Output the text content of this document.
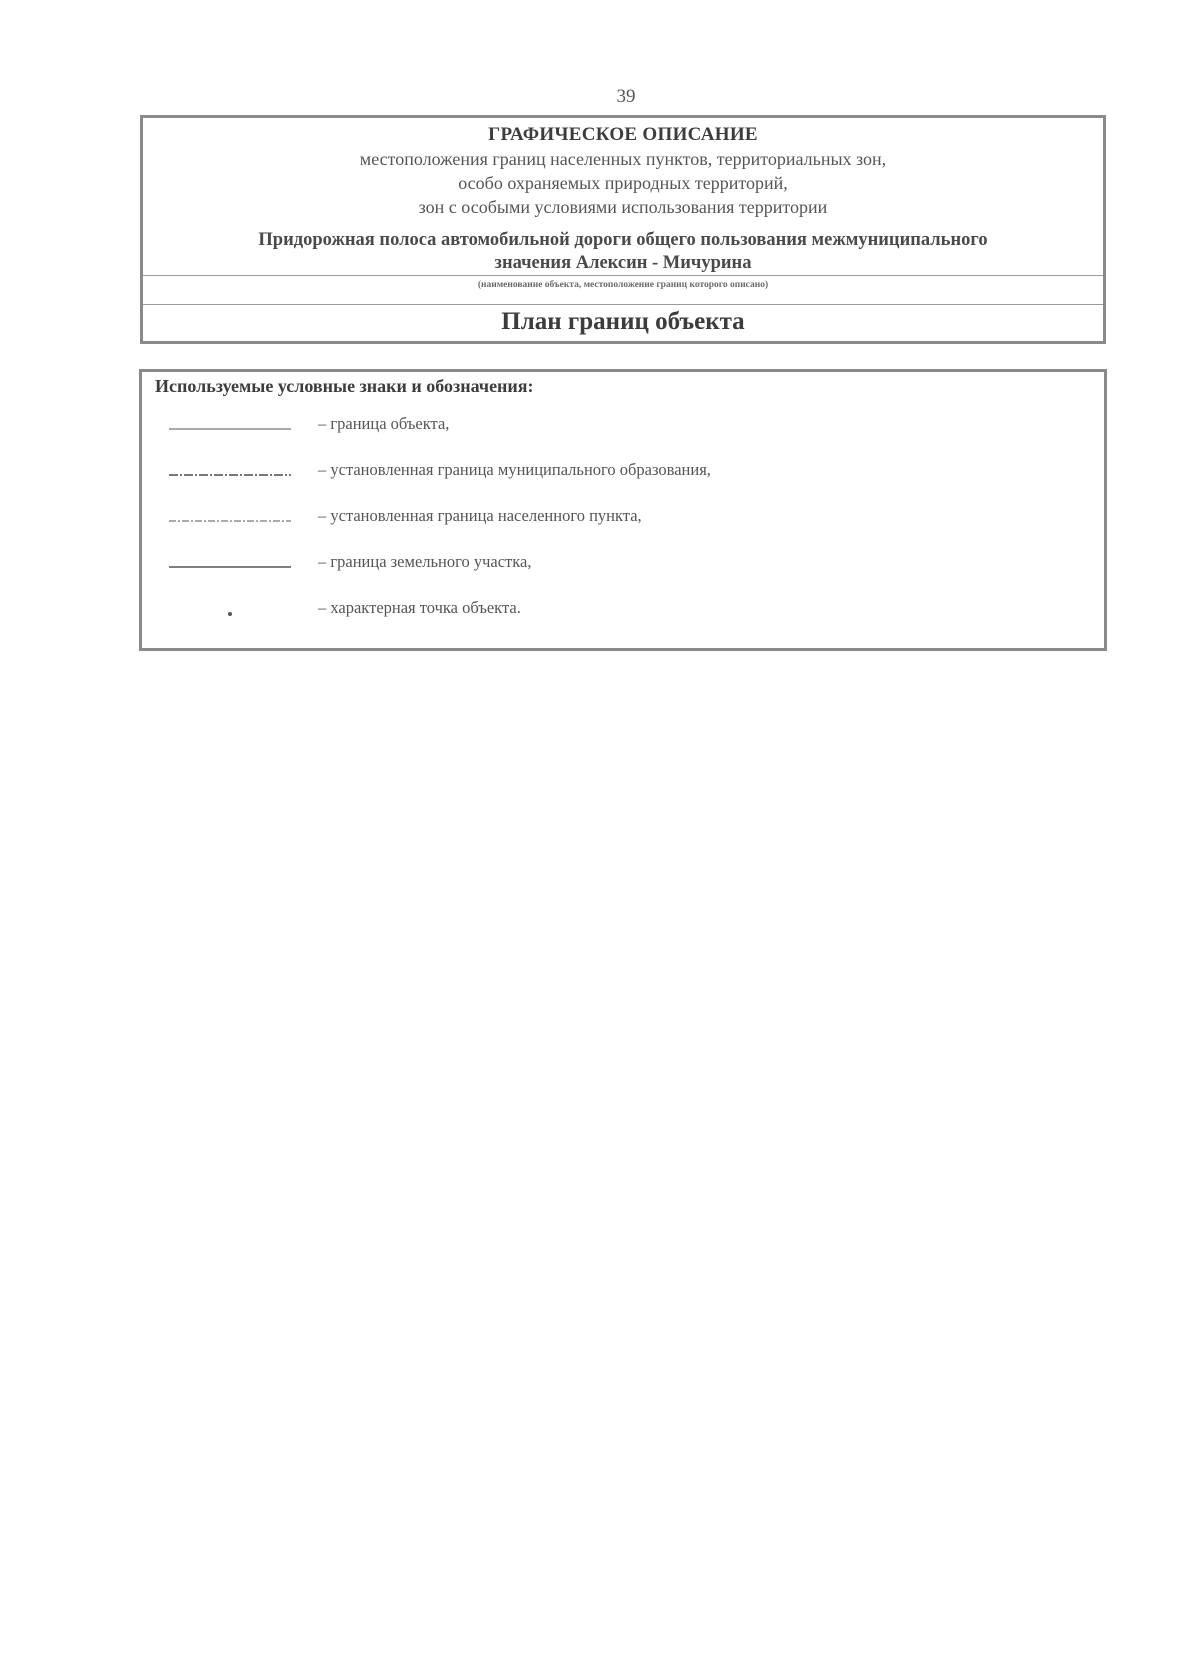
39
ГРАФИЧЕСКОЕ ОПИСАНИЕ
местоположения границ населенных пунктов, территориальных зон,
особо охраняемых природных территорий,
зон с особыми условиями использования территории
Придорожная полоса автомобильной дороги общего пользования межмуниципального
значения Алексин - Мичурина
(наименование объекта, местоположение границ которого описано)
План границ объекта
Используемые условные знаки и обозначения:
– граница объекта,
– установленная граница муниципального образования,
– установленная граница населенного пункта,
– граница земельного участка,
– характерная точка объекта.
